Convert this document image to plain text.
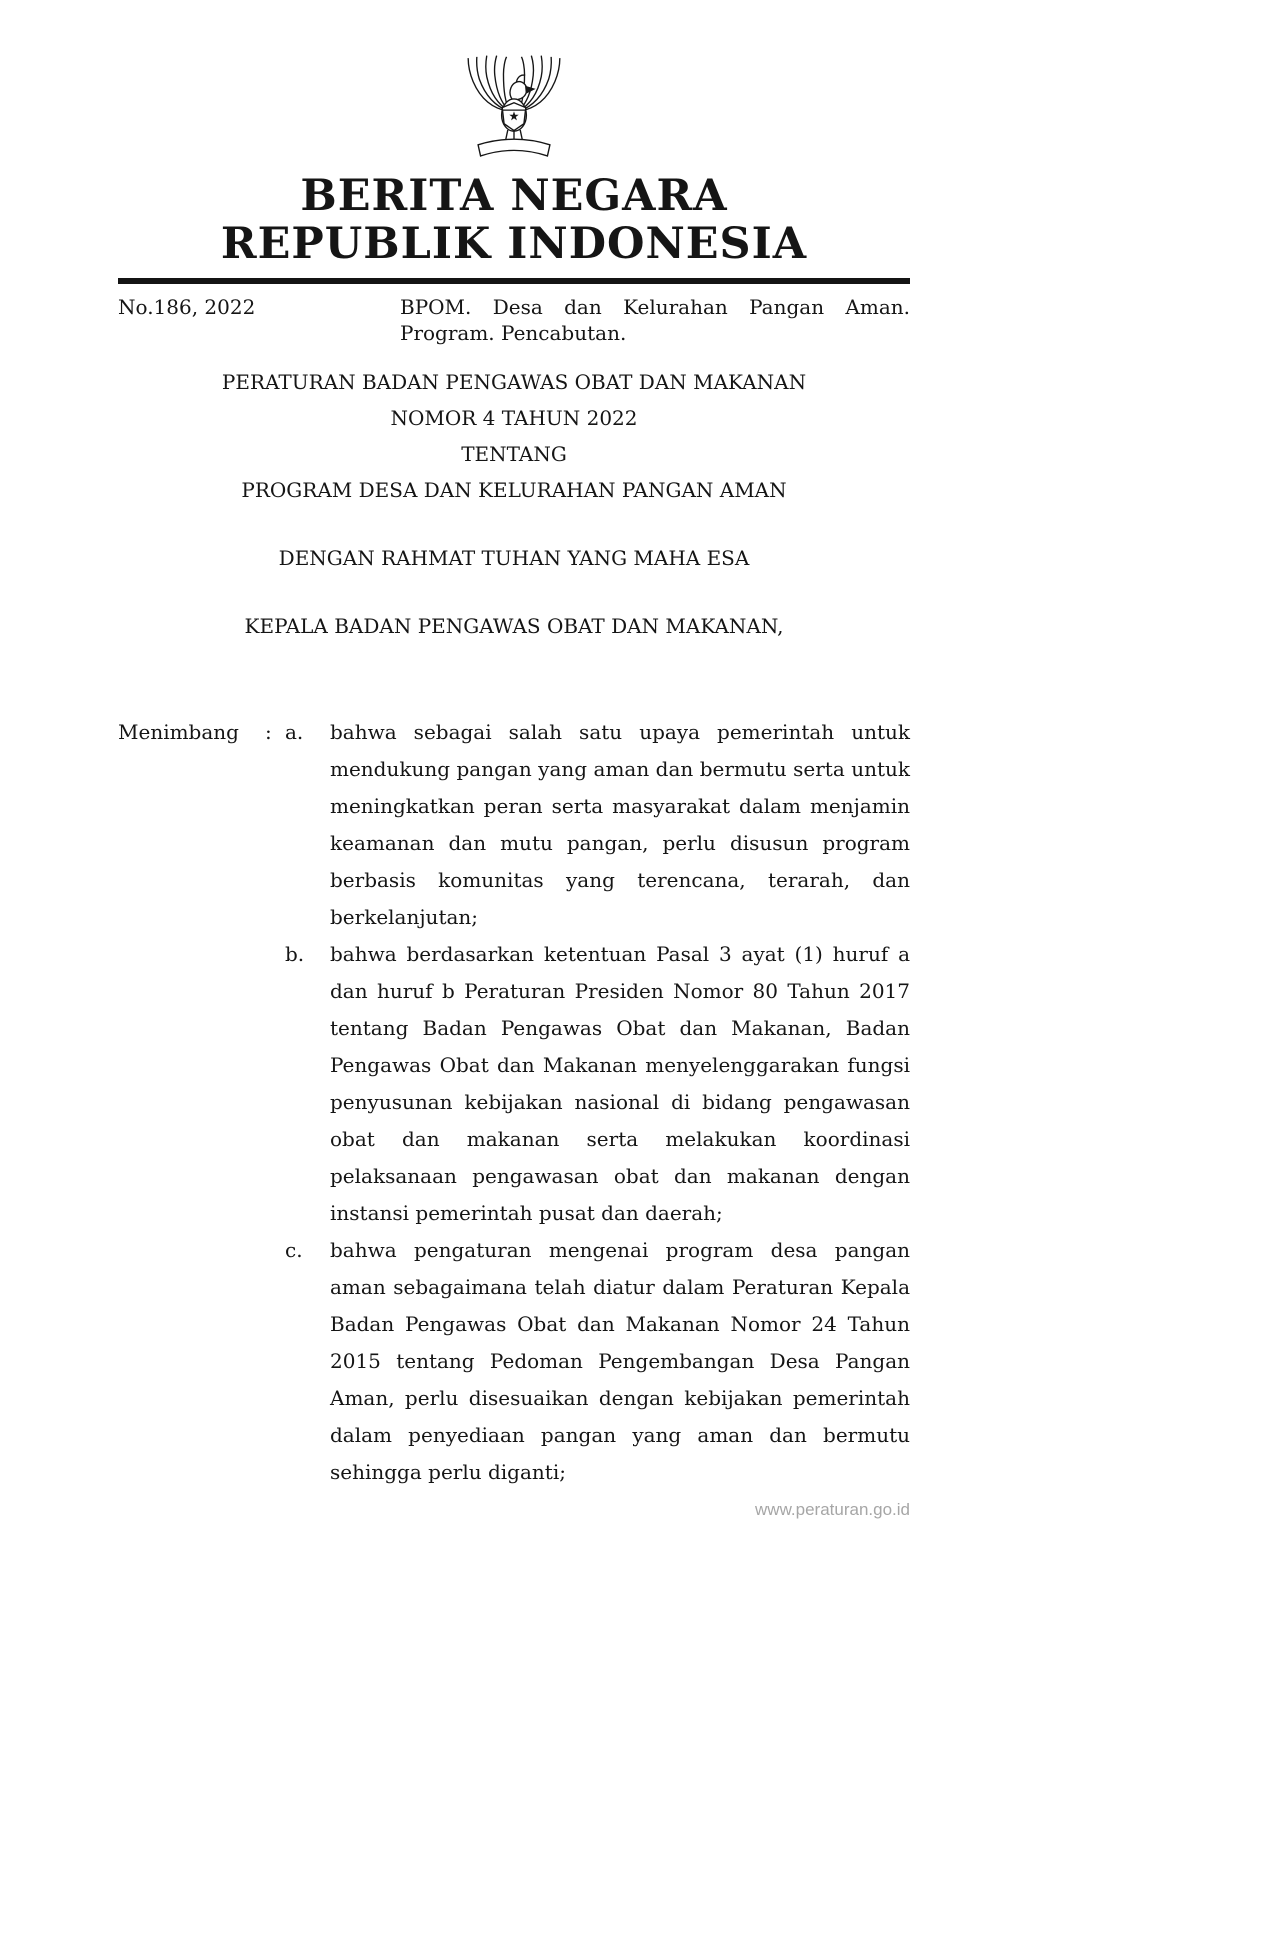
BERITA NEGARA
REPUBLIK INDONESIA
No.186, 2022	BPOM. Desa dan Kelurahan Pangan Aman.
Program. Pencabutan.
PERATURAN BADAN PENGAWAS OBAT DAN MAKANAN
NOMOR 4 TAHUN 2022
TENTANG
PROGRAM DESA DAN KELURAHAN PANGAN AMAN
DENGAN RAHMAT TUHAN YANG MAHA ESA
KEPALA BADAN PENGAWAS OBAT DAN MAKANAN,
Menimbang	: a.	bahwa sebagai salah satu upaya pemerintah untuk mendukung pangan yang aman dan bermutu serta untuk meningkatkan peran serta masyarakat dalam menjamin keamanan dan mutu pangan, perlu disusun program berbasis komunitas yang terencana, terarah, dan berkelanjutan;
b.	bahwa berdasarkan ketentuan Pasal 3 ayat (1) huruf a dan huruf b Peraturan Presiden Nomor 80 Tahun 2017 tentang Badan Pengawas Obat dan Makanan, Badan Pengawas Obat dan Makanan menyelenggarakan fungsi penyusunan kebijakan nasional di bidang pengawasan obat dan makanan serta melakukan koordinasi pelaksanaan pengawasan obat dan makanan dengan instansi pemerintah pusat dan daerah;
c.	bahwa pengaturan mengenai program desa pangan aman sebagaimana telah diatur dalam Peraturan Kepala Badan Pengawas Obat dan Makanan Nomor 24 Tahun 2015 tentang Pedoman Pengembangan Desa Pangan Aman, perlu disesuaikan dengan kebijakan pemerintah dalam penyediaan pangan yang aman dan bermutu sehingga perlu diganti;
www.peraturan.go.id
